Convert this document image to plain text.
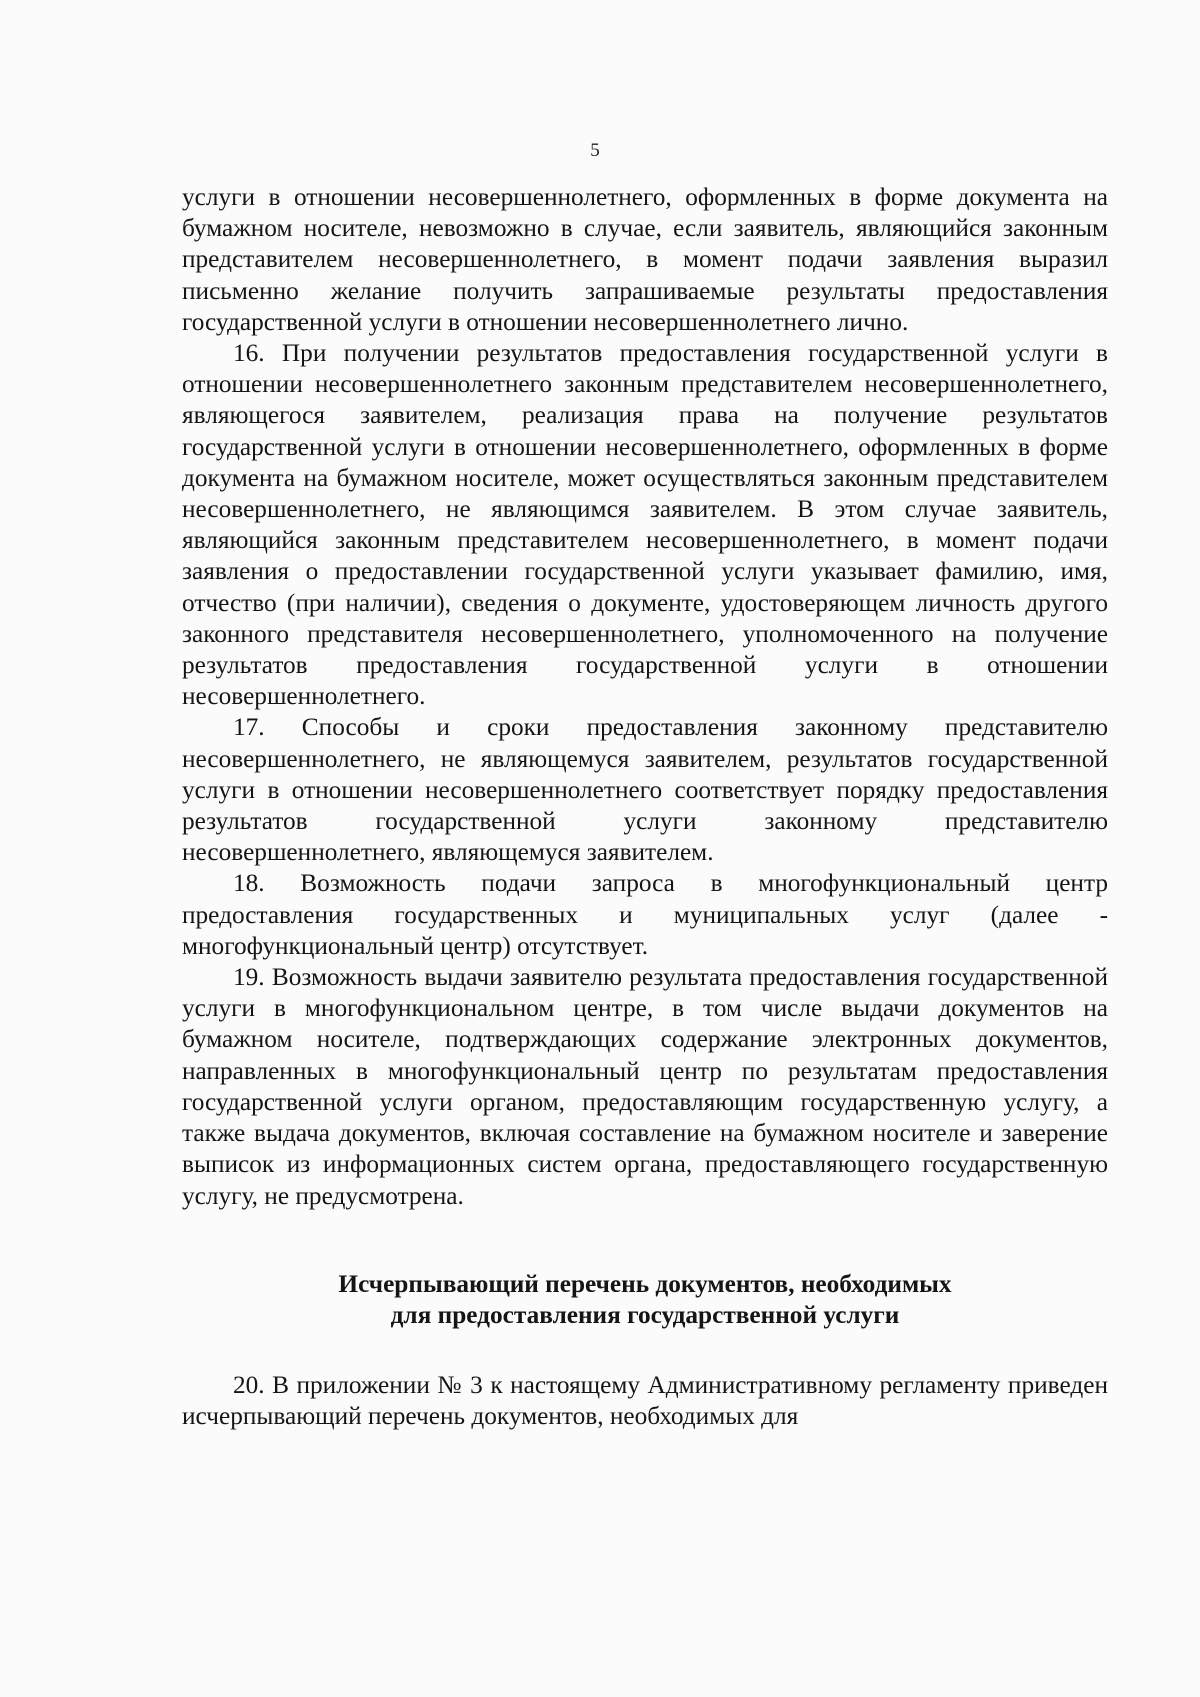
5

услуги в отношении несовершеннолетнего, оформленных в форме документа на бумажном носителе, невозможно в случае, если заявитель, являющийся законным представителем несовершеннолетнего, в момент подачи заявления выразил письменно желание получить запрашиваемые результаты предоставления государственной услуги в отношении несовершеннолетнего лично.

16. При получении результатов предоставления государственной услуги в отношении несовершеннолетнего законным представителем несовершеннолетнего, являющегося заявителем, реализация права на получение результатов государственной услуги в отношении несовершеннолетнего, оформленных в форме документа на бумажном носителе, может осуществляться законным представителем несовершеннолетнего, не являющимся заявителем. В этом случае заявитель, являющийся законным представителем несовершеннолетнего, в момент подачи заявления о предоставлении государственной услуги указывает фамилию, имя, отчество (при наличии), сведения о документе, удостоверяющем личность другого законного представителя несовершеннолетнего, уполномоченного на получение результатов предоставления государственной услуги в отношении несовершеннолетнего.

17. Способы и сроки предоставления законному представителю несовершеннолетнего, не являющемуся заявителем, результатов государственной услуги в отношении несовершеннолетнего соответствует порядку предоставления результатов государственной услуги законному представителю несовершеннолетнего, являющемуся заявителем.

18. Возможность подачи запроса в многофункциональный центр предоставления государственных и муниципальных услуг (далее - многофункциональный центр) отсутствует.

19. Возможность выдачи заявителю результата предоставления государственной услуги в многофункциональном центре, в том числе выдачи документов на бумажном носителе, подтверждающих содержание электронных документов, направленных в многофункциональный центр по результатам предоставления государственной услуги органом, предоставляющим государственную услугу, а также выдача документов, включая составление на бумажном носителе и заверение выписок из информационных систем органа, предоставляющего государственную услугу, не предусмотрена.

Исчерпывающий перечень документов, необходимых
для предоставления государственной услуги

20. В приложении № 3 к настоящему Административному регламенту приведен исчерпывающий перечень документов, необходимых для
